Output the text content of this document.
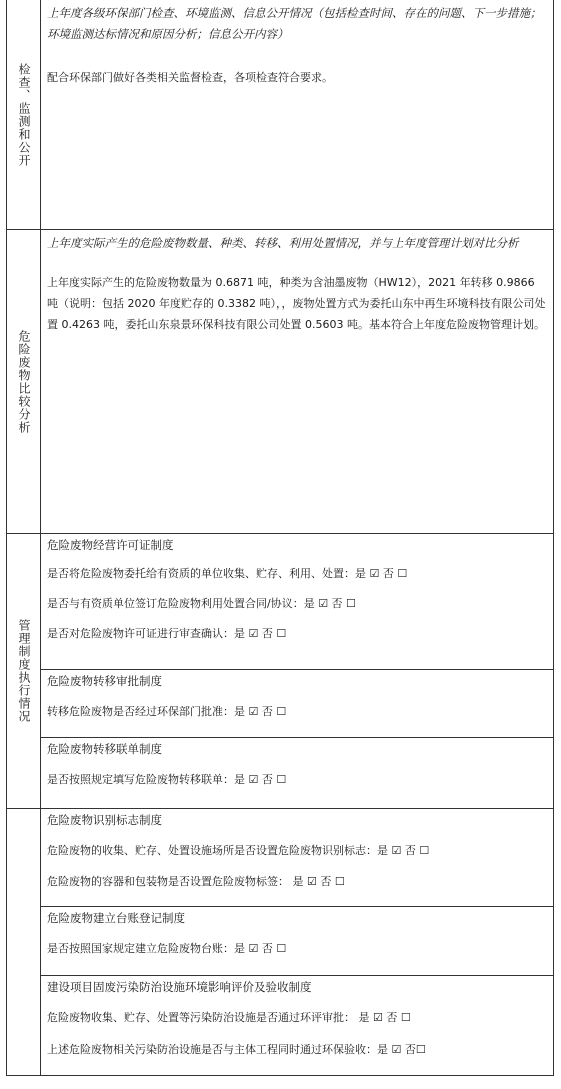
检查、监测和公开

上年度各级环保部门检查、环境监测、信息公开情况（包括检查时间、存在的问题、下一步措施；环境监测达标情况和原因分析；信息公开内容）

配合环保部门做好各类相关监督检查，各项检查符合要求。

危险废物比较分析

上年度实际产生的危险废物数量、种类、转移、利用处置情况，并与上年度管理计划对比分析

上年度实际产生的危险废物数量为 0.6871 吨，种类为含油墨废物（HW12），2021 年转移 0.9866 吨（说明：包括 2020 年度贮存的 0.3382 吨），，废物处置方式为委托山东中再生环境科技有限公司处置 0.4263 吨，委托山东泉景环保科技有限公司处置 0.5603 吨。基本符合上年度危险废物管理计划。

管理制度执行情况

危险废物经营许可证制度

是否将危险废物委托给有资质的单位收集、贮存、利用、处置：是 ☑ 否 ☐

是否与有资质单位签订危险废物利用处置合同/协议：是 ☑ 否 ☐

是否对危险废物许可证进行审查确认：是 ☑ 否 ☐

危险废物转移审批制度

转移危险废物是否经过环保部门批准：是 ☑ 否 ☐

危险废物转移联单制度

是否按照规定填写危险废物转移联单：是 ☑ 否 ☐

危险废物识别标志制度

危险废物的收集、贮存、处置设施场所是否设置危险废物识别标志：是 ☑ 否 ☐

危险废物的容器和包装物是否设置危险废物标签： 是 ☑ 否 ☐

危险废物建立台账登记制度

是否按照国家规定建立危险废物台账：是 ☑ 否 ☐

建设项目固废污染防治设施环境影响评价及验收制度

危险废物收集、贮存、处置等污染防治设施是否通过环评审批： 是 ☑ 否 ☐

上述危险废物相关污染防治设施是否与主体工程同时通过环保验收：是 ☑ 否☐
